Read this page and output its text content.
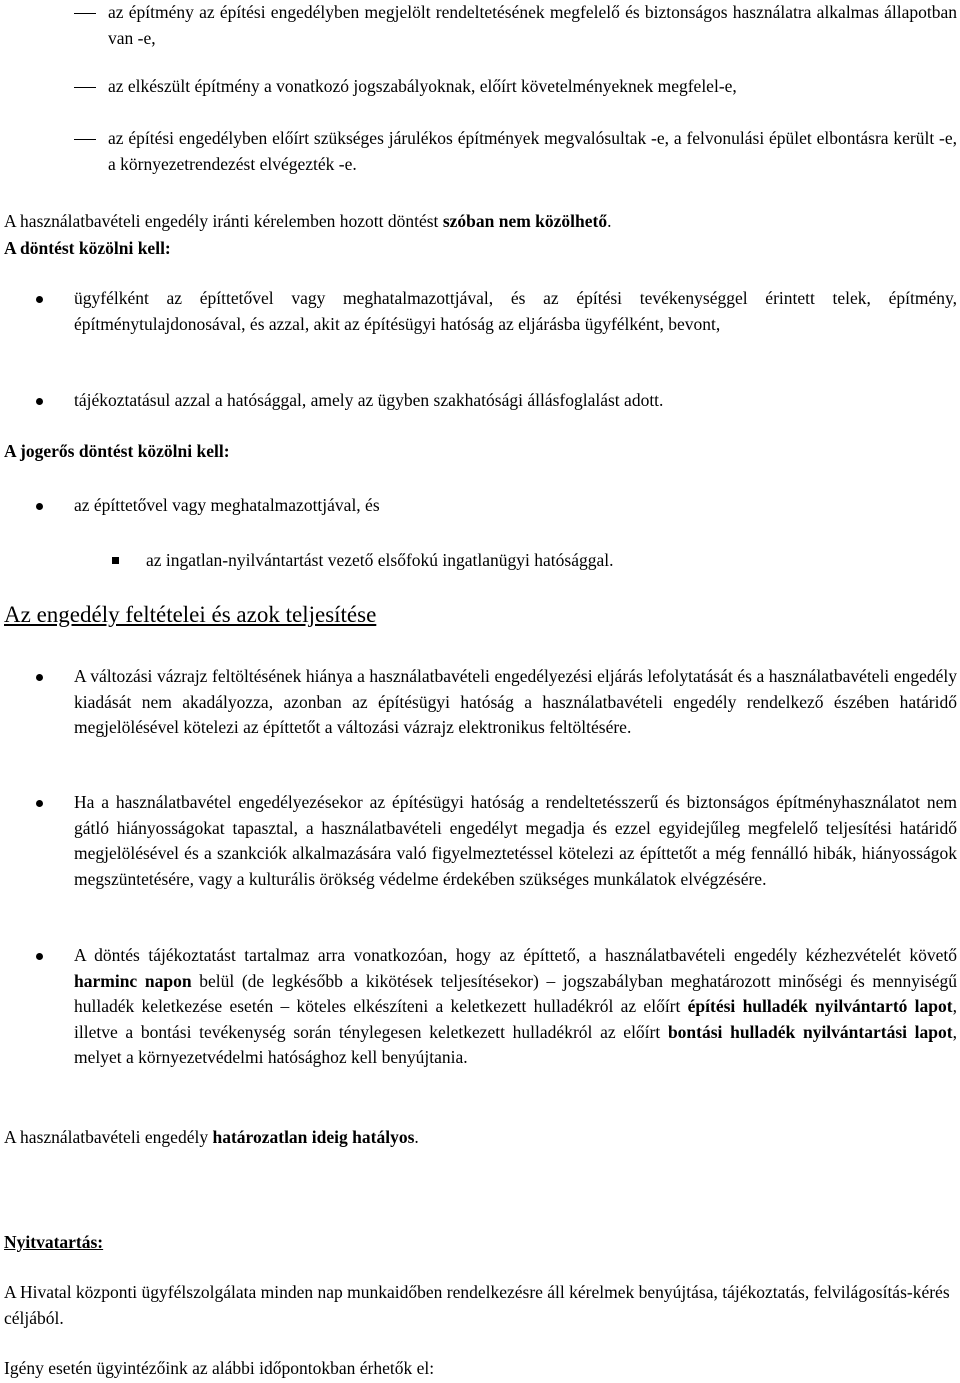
az építmény az építési engedélyben megjelölt rendeltetésének megfelelő és biztonságos használatra alkalmas állapotban van -e,

az elkészült építmény a vonatkozó jogszabályoknak, előírt követelményeknek megfelel-e,

az építési engedélyben előírt szükséges járulékos építmények megvalósultak -e, a felvonulási épület elbontásra került -e, a környezetrendezést elvégezték -e.

A használatbavételi engedély iránti kérelemben hozott döntést szóban nem közölhető.

A döntést közölni kell:

ügyfélként az építtetővel vagy meghatalmazottjával, és az építési tevékenységgel érintett telek, építmény, építménytulajdonosával, és azzal, akit az építésügyi hatóság az eljárásba ügyfélként, bevont,

tájékoztatásul azzal a hatósággal, amely az ügyben szakhatósági állásfoglalást adott.

A jogerős döntést közölni kell:

az építtetővel vagy meghatalmazottjával, és

az ingatlan-nyilvántartást vezető elsőfokú ingatlanügyi hatósággal.

Az engedély feltételei és azok teljesítése

A változási vázrajz feltöltésének hiánya a használatbavételi engedélyezési eljárás lefolytatását és a használatbavételi engedély kiadását nem akadályozza, azonban az építésügyi hatóság a használatbavételi engedély rendelkező észében határidő megjelölésével kötelezi az építtetőt a változási vázrajz elektronikus feltöltésére.

Ha a használatbavétel engedélyezésekor az építésügyi hatóság a rendeltetésszerű és biztonságos építményhasználatot nem gátló hiányosságokat tapasztal, a használatbavételi engedélyt megadja és ezzel egyidejűleg megfelelő teljesítési határidő megjelölésével és a szankciók alkalmazására való figyelmeztetéssel kötelezi az építtetőt a még fennálló hibák, hiányosságok megszüntetésére, vagy a kulturális örökség védelme érdekében szükséges munkálatok elvégzésére.

A döntés tájékoztatást tartalmaz arra vonatkozóan, hogy az építtető, a használatbavételi engedély kézhezvételét követő harminc napon belül (de legkésőbb a kikötések teljesítésekor) – jogszabályban meghatározott minőségi és mennyiségű hulladék keletkezése esetén – köteles elkészíteni a keletkezett hulladékról az előírt építési hulladék nyilvántartó lapot, illetve a bontási tevékenység során ténylegesen keletkezett hulladékról az előírt bontási hulladék nyilvántartási lapot, melyet a környezetvédelmi hatósághoz kell benyújtania.

A használatbavételi engedély határozatlan ideig hatályos.

Nyitvatartás:

A Hivatal központi ügyfélszolgálata minden nap munkaidőben rendelkezésre áll kérelmek benyújtása, tájékoztatás, felvilágosítás-kérés céljából.

Igény esetén ügyintézőink az alábbi időpontokban érhetők el:
